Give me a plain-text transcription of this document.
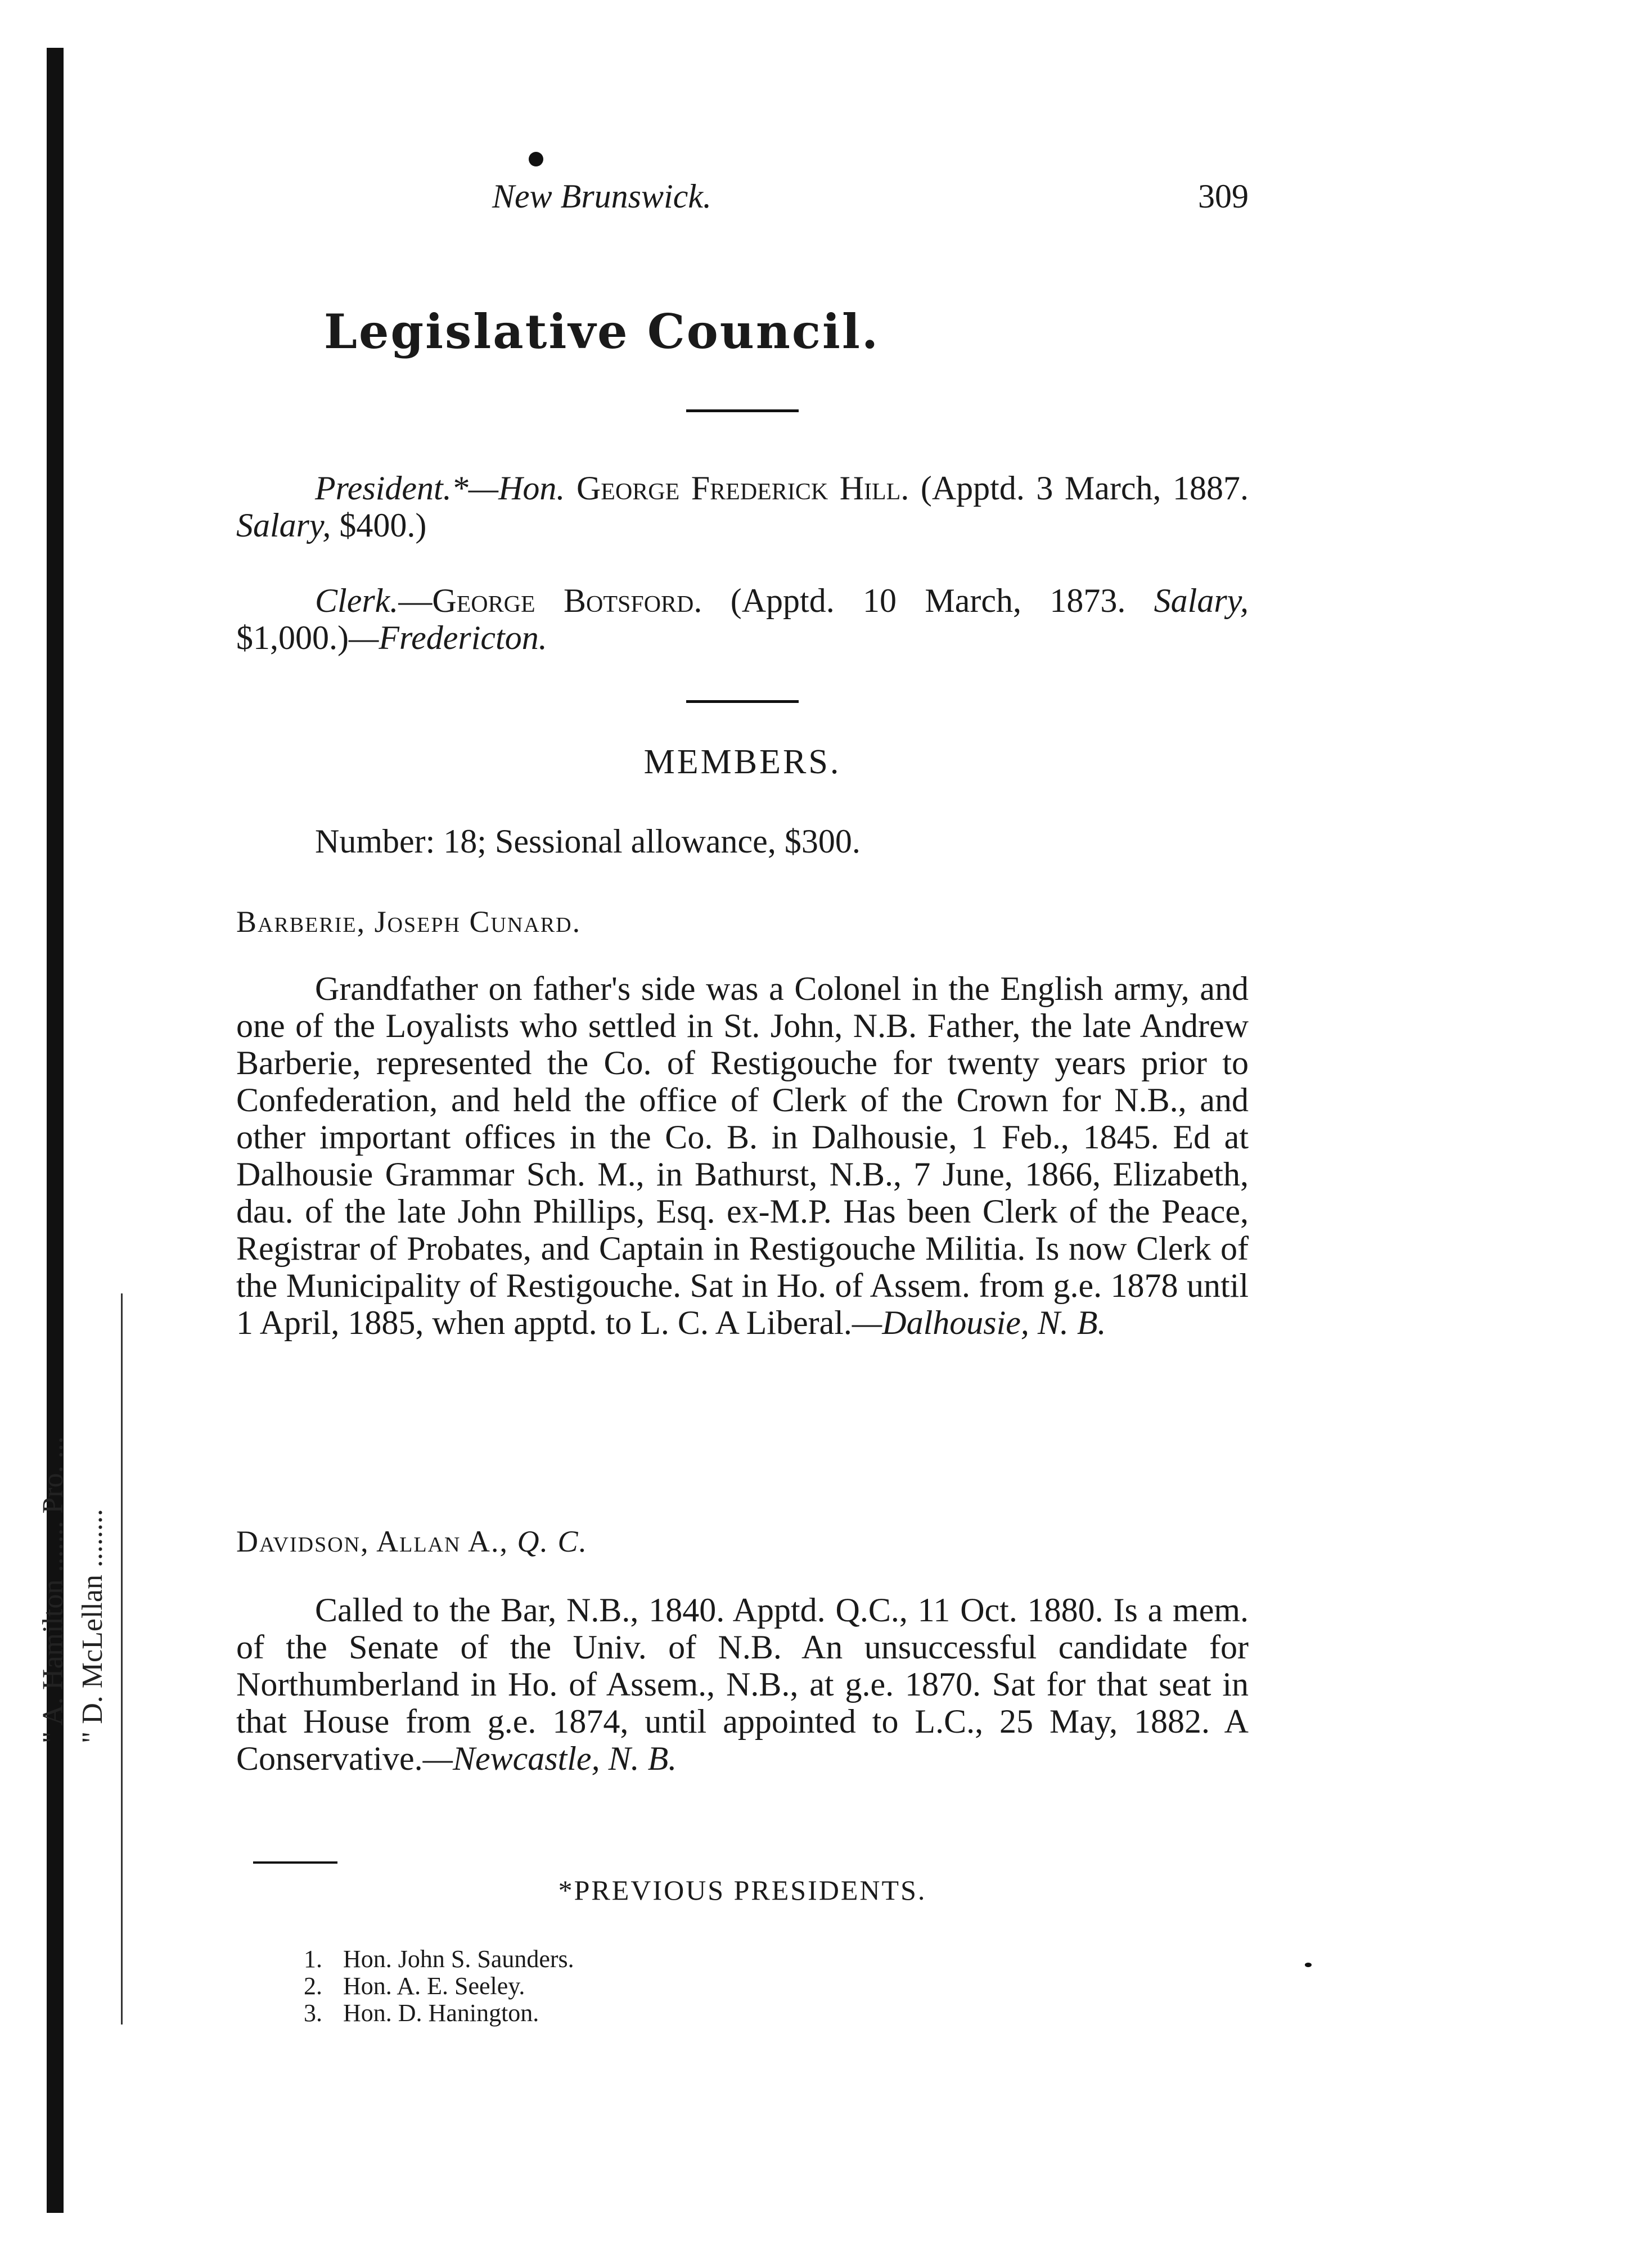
" A. Hamilton ....... Pro. ... " D. McLellan ........
New Brunswick.	309
Legislative Council.

President.*—Hon. George Frederick Hill. (Apptd. 3 March, 1887. Salary, $400.)

Clerk.—George Botsford. (Apptd. 10 March, 1873. Salary, $1,000.)—Fredericton.

MEMBERS.
Number: 18; Sessional allowance, $300.
Barberie, Joseph Cunard.

Grandfather on father's side was a Colonel in the English army, and one of the Loyalists who settled in St. John, N.B. Father, the late Andrew Barberie, represented the Co. of Restigouche for twenty years prior to Confederation, and held the office of Clerk of the Crown for N.B., and other important offices in the Co. B. in Dalhousie, 1 Feb., 1845. Ed at Dalhousie Grammar Sch. M., in Bathurst, N.B., 7 June, 1866, Elizabeth, dau. of the late John Phillips, Esq. ex-M.P. Has been Clerk of the Peace, Registrar of Probates, and Captain in Restigouche Militia. Is now Clerk of the Municipality of Restigouche. Sat in Ho. of Assem. from g.e. 1878 until 1 April, 1885, when apptd. to L. C. A Liberal.—Dalhousie, N. B.

Davidson, Allan A., Q. C.

Called to the Bar, N.B., 1840. Apptd. Q.C., 11 Oct. 1880. Is a mem. of the Senate of the Univ. of N.B. An unsuccessful candidate for Northumberland in Ho. of Assem., N.B., at g.e. 1870. Sat for that seat in that House from g.e. 1874, until appointed to L.C., 25 May, 1882. A Conservative.—Newcastle, N. B.

*PREVIOUS PRESIDENTS.
1. Hon. John S. Saunders.
2. Hon. A. E. Seeley.
3. Hon. D. Hanington.
